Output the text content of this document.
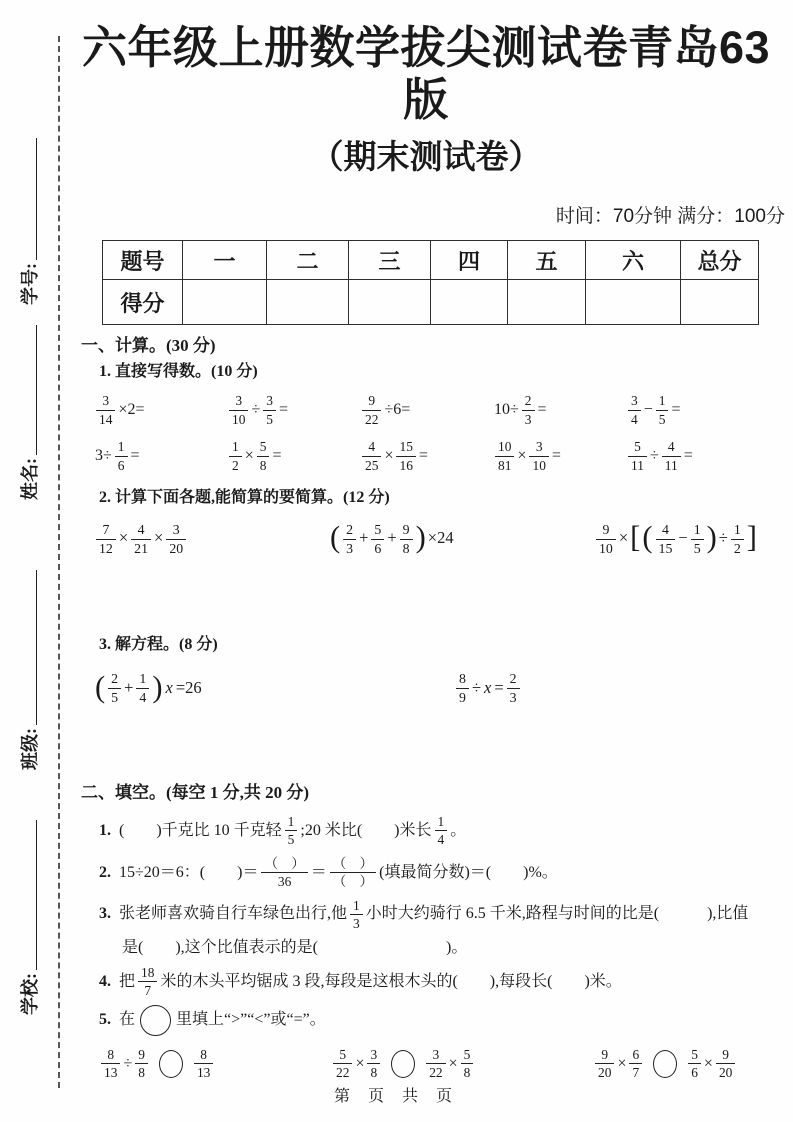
学校:
班级:
姓名:
学号:
六年级上册数学拔尖测试卷青岛63版
（期末测试卷）
时间：70分钟 满分：100分
题号	一	二	三	四	五	六	总分
得分							
一、计算。(30 分)
1. 直接写得数。(10 分)
$\frac{3}{14} \times 2=$	$\frac{3}{10} \div \frac{3}{5}$ =	$\frac{9}{22} \div 6=$	$10\div \frac{2}{3}$ =	$\frac{3}{4} - \frac{1}{5}$ =
$3\div \frac{1}{6}$ =	$\frac{1}{2} \times \frac{5}{8}$ =	$\frac{4}{25} \times \frac{15}{16}$ =	$\frac{10}{81} \times \frac{3}{10}$ =	$\frac{5}{11} \div \frac{4}{11}$ =
2. 计算下面各题,能简算的要简算。(12 分)
$\frac{7}{12} \times \frac{4}{21} \times \frac{3}{20}$	( $\frac{2}{3} + \frac{5}{6} + \frac{9}{8}$ ) ×24	$\frac{9}{10}$ ×[( $\frac{4}{15} - \frac{1}{5}$ ) ÷ $\frac{1}{2}$ ]
3. 解方程。(8 分)
( $\frac{2}{5} + \frac{1}{4}$ ) x =26	$\frac{8}{9} \div x = \frac{2}{3}$
二、填空。(每空 1 分,共 20 分)
1. (　　)千克比 10 千克轻 $\frac{1}{5}$ ;20 米比(　　)米长 $\frac{1}{4}$ 。
2. 15÷20＝6：(　　)＝ $\frac{( )}{36} = \frac{( )}{( )}$ (填最简分数)＝(　　)%。
3. 张老师喜欢骑自行车绿色出行,他 $\frac{1}{3}$ 小时大约骑行 6.5 千米,路程与时间的比是(　　　),比值
是(　　),这个比值表示的是(　　　　　　　　)。
4. 把 $\frac{18}{7}$ 米的木头平均锯成 3 段,每段是这根木头的(　　),每段长(　　)米。
5. 在	里填上“>”“<”或“=”。
$\frac{8}{13} \div \frac{9}{8}$	$\frac{8}{13}$	$\frac{5}{22} \times \frac{3}{8}$	$\frac{3}{22} \times \frac{5}{8}$	$\frac{9}{20} \times \frac{6}{7}$	$\frac{5}{6} \times \frac{9}{20}$
第 页 共 页
